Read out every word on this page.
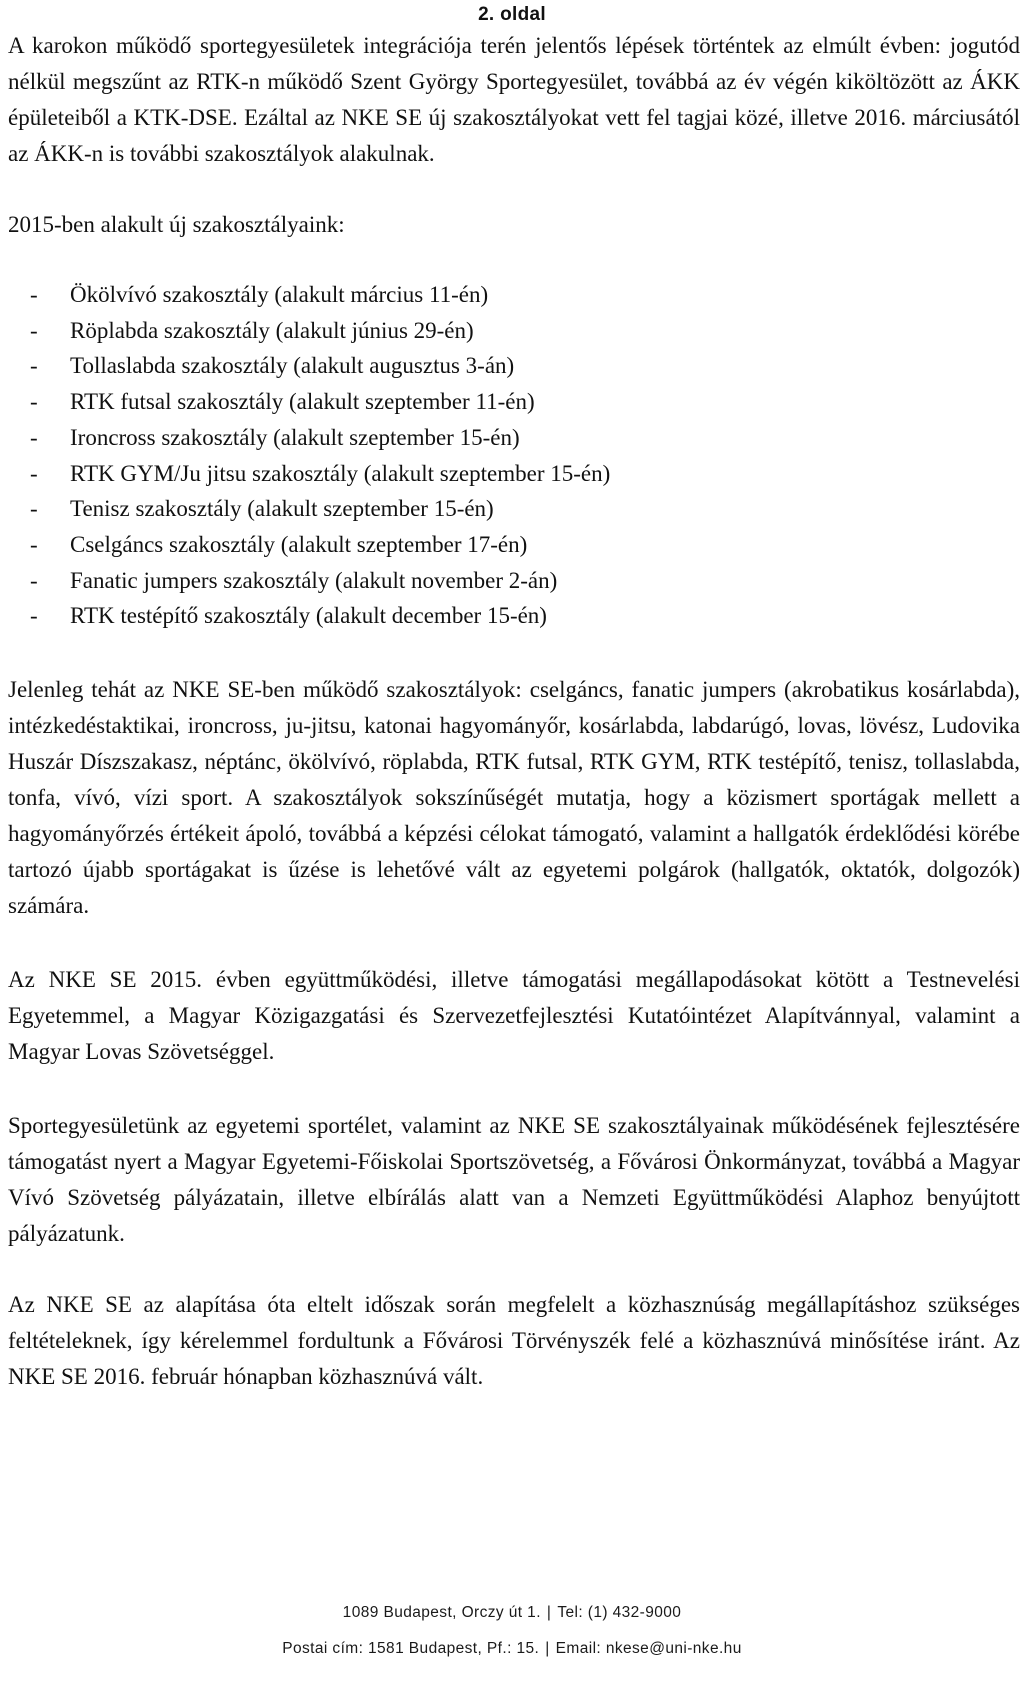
2. oldal

A karokon működő sportegyesületek integrációja terén jelentős lépések történtek az elmúlt évben: jogutód nélkül megszűnt az RTK-n működő Szent György Sportegyesület, továbbá az év végén kiköltözött az ÁKK épületeiből a KTK-DSE. Ezáltal az NKE SE új szakosztályokat vett fel tagjai közé, illetve 2016. márciusától az ÁKK-n is további szakosztályok alakulnak.

2015-ben alakult új szakosztályaink:

- Ökölvívó szakosztály (alakult március 11-én)
- Röplabda szakosztály (alakult június 29-én)
- Tollaslabda szakosztály (alakult augusztus 3-án)
- RTK futsal szakosztály (alakult szeptember 11-én)
- Ironcross szakosztály (alakult szeptember 15-én)
- RTK GYM/Ju jitsu szakosztály (alakult szeptember 15-én)
- Tenisz szakosztály (alakult szeptember 15-én)
- Cselgáncs szakosztály (alakult szeptember 17-én)
- Fanatic jumpers szakosztály (alakult november 2-án)
- RTK testépítő szakosztály (alakult december 15-én)

Jelenleg tehát az NKE SE-ben működő szakosztályok: cselgáncs, fanatic jumpers (akrobatikus kosárlabda), intézkedéstaktikai, ironcross, ju-jitsu, katonai hagyományőr, kosárlabda, labdarúgó, lovas, lövész, Ludovika Huszár Díszszakasz, néptánc, ökölvívó, röplabda, RTK futsal, RTK GYM, RTK testépítő, tenisz, tollaslabda, tonfa, vívó, vízi sport. A szakosztályok sokszínűségét mutatja, hogy a közismert sportágak mellett a hagyományőrzés értékeit ápoló, továbbá a képzési célokat támogató, valamint a hallgatók érdeklődési körébe tartozó újabb sportágakat is űzése is lehetővé vált az egyetemi polgárok (hallgatók, oktatók, dolgozók) számára.

Az NKE SE 2015. évben együttműködési, illetve támogatási megállapodásokat kötött a Testnevelési Egyetemmel, a Magyar Közigazgatási és Szervezetfejlesztési Kutatóintézet Alapítvánnyal, valamint a Magyar Lovas Szövetséggel.

Sportegyesületünk az egyetemi sportélet, valamint az NKE SE szakosztályainak működésének fejlesztésére támogatást nyert a Magyar Egyetemi-Főiskolai Sportszövetség, a Fővárosi Önkormányzat, továbbá a Magyar Vívó Szövetség pályázatain, illetve elbírálás alatt van a Nemzeti Együttműködési Alaphoz benyújtott pályázatunk.

Az NKE SE az alapítása óta eltelt időszak során megfelelt a közhasznúság megállapításhoz szükséges feltételeknek, így kérelemmel fordultunk a Fővárosi Törvényszék felé a közhasznúvá minősítése iránt. Az NKE SE 2016. február hónapban közhasznúvá vált.

1089 Budapest, Orczy út 1. | Tel: (1) 432-9000
Postai cím: 1581 Budapest, Pf.: 15. | Email: nkese@uni-nke.hu
